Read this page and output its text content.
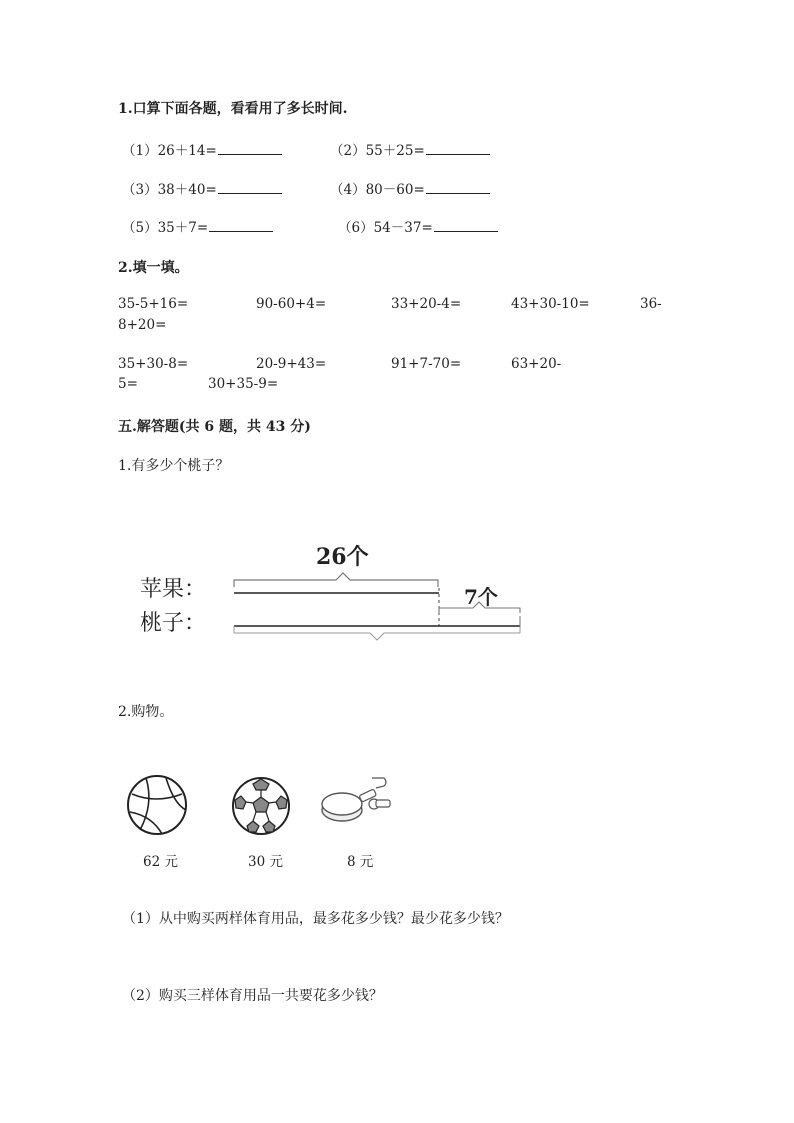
1.口算下面各题，看看用了多长时间.
（1）26＋14=	（2）55＋25=
（3）38＋40=	（4）80－60=
（5）35＋7=	（6）54－37=
2.填一填。
35-5+16=	90-60+4=	33+20-4=	43+30-10=	36-
8+20=
35+30-8=	20-9+43=	91+7-70=	63+20-
5=	30+35-9=
五.解答题(共 6 题，共 43 分)
1.有多少个桃子？
26个
7个
苹果：
桃子：
2.购物。
62 元	30 元	8 元
（1）从中购买两样体育用品，最多花多少钱？最少花多少钱？
（2）购买三样体育用品一共要花多少钱？
